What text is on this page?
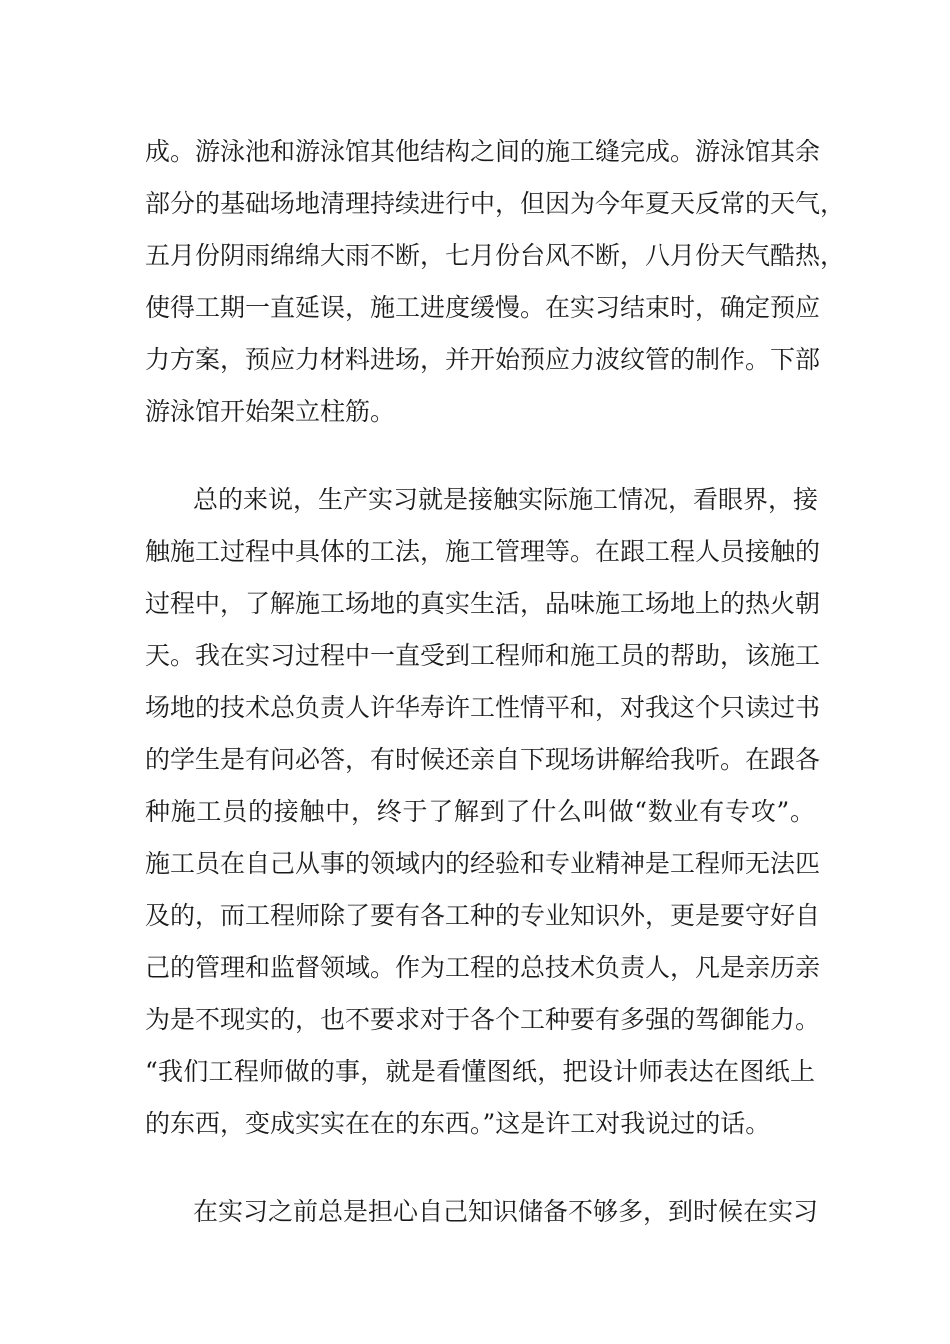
成。游泳池和游泳馆其他结构之间的施工缝完成。游泳馆其余

部分的基础场地清理持续进行中，但因为今年夏天反常的天气，

五月份阴雨绵绵大雨不断，七月份台风不断，八月份天气酷热，

使得工期一直延误，施工进度缓慢。在实习结束时，确定预应

力方案，预应力材料进场，并开始预应力波纹管的制作。下部

游泳馆开始架立柱筋。

总的来说，生产实习就是接触实际施工情况，看眼界，接

触施工过程中具体的工法，施工管理等。在跟工程人员接触的

过程中，了解施工场地的真实生活，品味施工场地上的热火朝

天。我在实习过程中一直受到工程师和施工员的帮助，该施工

场地的技术总负责人许华寿许工性情平和，对我这个只读过书

的学生是有问必答，有时候还亲自下现场讲解给我听。在跟各

种施工员的接触中，终于了解到了什么叫做“数业有专攻”。

施工员在自己从事的领域内的经验和专业精神是工程师无法匹

及的，而工程师除了要有各工种的专业知识外，更是要守好自

己的管理和监督领域。作为工程的总技术负责人，凡是亲历亲

为是不现实的，也不要求对于各个工种要有多强的驾御能力。

“我们工程师做的事，就是看懂图纸，把设计师表达在图纸上

的东西，变成实实在在的东西。”这是许工对我说过的话。

在实习之前总是担心自己知识储备不够多，到时候在实习
